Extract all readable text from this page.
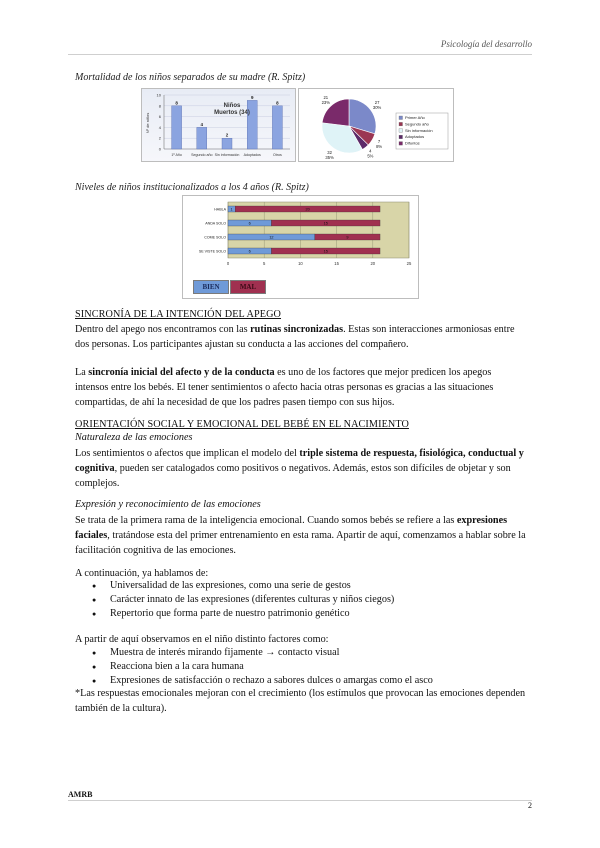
Psicología del desarrollo
Mortalidad de los niños separados de su madre (R. Spitz)
Nº de niños
0
2
4
6
8
10
8
1º Año
4
Segundo año
2
Sin información
9
Adoptados
8
Otros
Niños
Muertos (34)
27
30%
7
8%
32
35%
4
5%
21
23%
Primer Año
Segundo año
Sin información
Adoptados
Difuntos
Niveles de niños institucionalizados a los 4 años (R. Spitz)
0	5	10	15	20	25
1	20
HABLA
6	15
ANDA SOLO
12	9
COME SOLO
6	15
SE VISTE SOLO
BIEN	MAL
SINCRONÍA DE LA INTENCIÓN DEL APEGO
Dentro del apego nos encontramos con las rutinas sincronizadas. Estas son interacciones armoniosas entre dos personas. Los participantes ajustan su conducta a las acciones del compañero.
La sincronía inicial del afecto y de la conducta es uno de los factores que mejor predicen los apegos intensos entre los bebés. El tener sentimientos o afecto hacia otras personas es gracias a las situaciones compartidas, de ahí la necesidad de que los padres pasen tiempo con sus hijos.
ORIENTACIÓN SOCIAL Y EMOCIONAL DEL BEBÉ EN EL NACIMIENTO
Naturaleza de las emociones
Los sentimientos o afectos que implican el modelo del triple sistema de respuesta, fisiológica, conductual y cognitiva, pueden ser catalogados como positivos o negativos. Además, estos son difíciles de objetar y son complejos.
Expresión y reconocimiento de las emociones
Se trata de la primera rama de la inteligencia emocional. Cuando somos bebés se refiere a las expresiones faciales, tratándose esta del primer entrenamiento en esta rama. Apartir de aquí, comenzamos a hablar sobre la facilitación cognitiva de las emociones.
A continuación, ya hablamos de:
● Universalidad de las expresiones, como una serie de gestos
● Carácter innato de las expresiones (diferentes culturas y niños ciegos)
● Repertorio que forma parte de nuestro patrimonio genético
A partir de aquí observamos en el niño distinto factores como:
● Muestra de interés mirando fijamente → contacto visual
● Reacciona bien a la cara humana
● Expresiones de satisfacción o rechazo a sabores dulces o amargas como el asco
*Las respuestas emocionales mejoran con el crecimiento (los estímulos que provocan las emociones dependen también de la cultura).
AMRB
2
